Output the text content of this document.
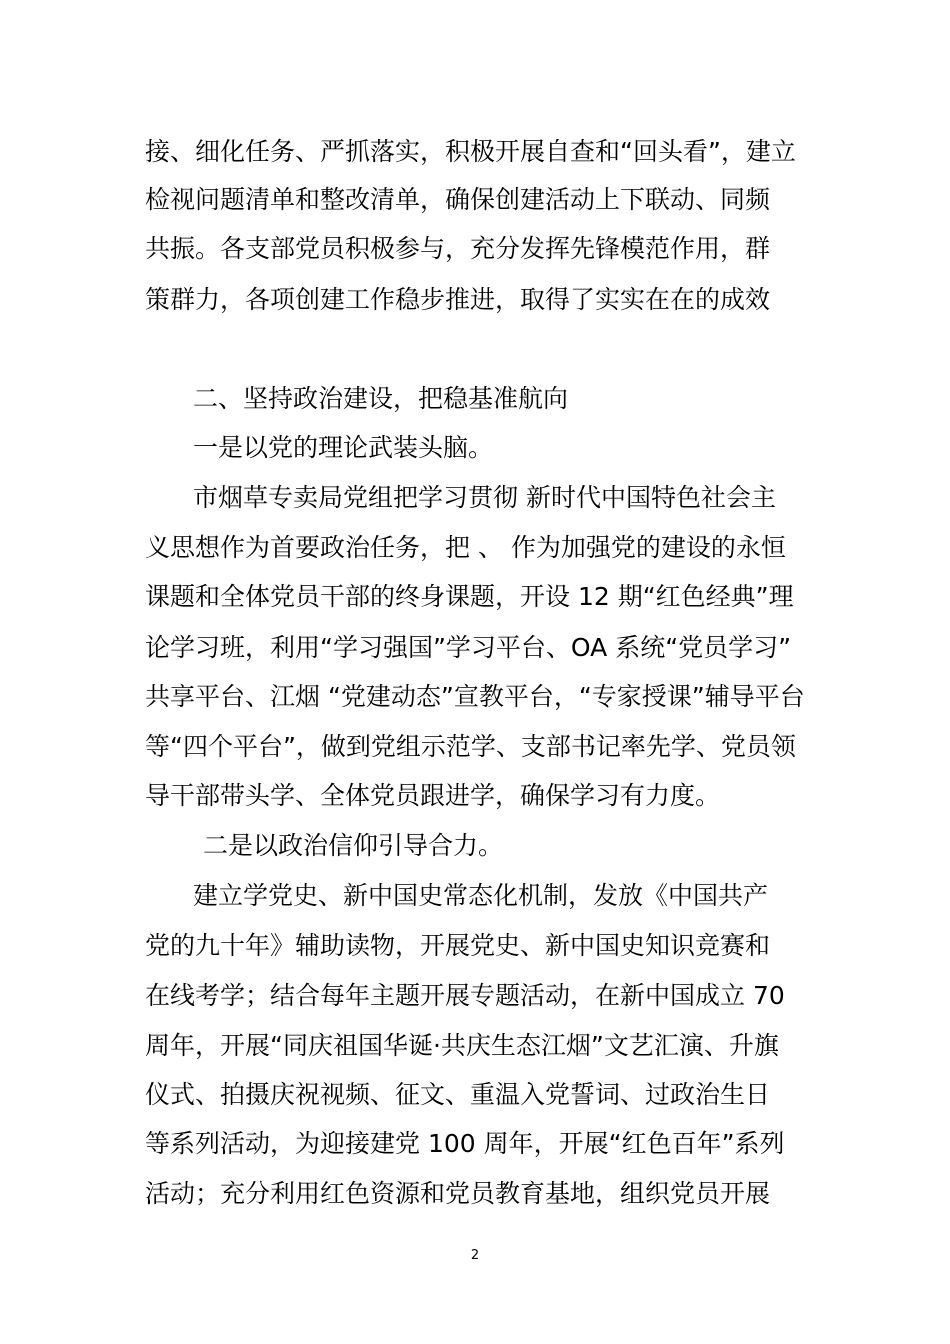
接、细化任务、严抓落实，积极开展自查和“回头看”，建立
检视问题清单和整改清单，确保创建活动上下联动、同频
共振。各支部党员积极参与，充分发挥先锋模范作用，群
策群力，各项创建工作稳步推进，取得了实实在在的成效
二、坚持政治建设，把稳基准航向
一是以党的理论武装头脑。
市烟草专卖局党组把学习贯彻 新时代中国特色社会主
义思想作为首要政治任务，把 、 作为加强党的建设的永恒
课题和全体党员干部的终身课题，开设 12 期“红色经典”理
论学习班，利用“学习强国”学习平台、OA 系统“党员学习”
共享平台、江烟 “党建动态”宣教平台，“专家授课”辅导平台
等“四个平台”，做到党组示范学、支部书记率先学、党员领
导干部带头学、全体党员跟进学，确保学习有力度。
二是以政治信仰引导合力。
建立学党史、新中国史常态化机制，发放《中国共产
党的九十年》辅助读物，开展党史、新中国史知识竞赛和
在线考学；结合每年主题开展专题活动，在新中国成立 70
周年，开展“同庆祖国华诞·共庆生态江烟”文艺汇演、升旗
仪式、拍摄庆祝视频、征文、重温入党誓词、过政治生日
等系列活动，为迎接建党 100 周年，开展“红色百年”系列
活动；充分利用红色资源和党员教育基地，组织党员开展
2
